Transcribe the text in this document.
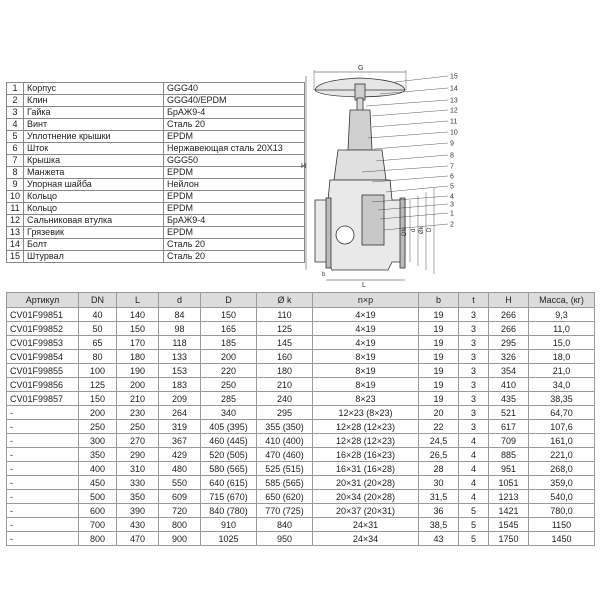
1	Корпус	GGG40
2	Клин	GGG40/EPDM
3	Гайка	БрАЖ9-4
4	Винт	Сталь 20
5	Уплотнение крышки	EPDM
6	Шток	Нержавеющая сталь 20Х13
7	Крышка	GGG50
8	Манжета	EPDM
9	Упорная шайба	Нейлон
10	Кольцо	EPDM
11	Кольцо	EPDM
12	Сальниковая втулка	БрАЖ9-4
13	Грязевик	EPDM
14	Болт	Сталь 20
15	Штурвал	Сталь 20
G
H
DN d Øk D
L
b
15
14
13
12
11
10
9
8
7
6
5
4
3
1
2
Артикул	DN	L	d	D	Ø k	n×p	b	t	H	Масса, (кг)
CV01F99851	40	140	84	150	110	4×19	19	3	266	9,3
CV01F99852	50	150	98	165	125	4×19	19	3	266	11,0
CV01F99853	65	170	118	185	145	4×19	19	3	295	15,0
CV01F99854	80	180	133	200	160	8×19	19	3	326	18,0
CV01F99855	100	190	153	220	180	8×19	19	3	354	21,0
CV01F99856	125	200	183	250	210	8×19	19	3	410	34,0
CV01F99857	150	210	209	285	240	8×23	19	3	435	38,35
-	200	230	264	340	295	12×23 (8×23)	20	3	521	64,70
-	250	250	319	405 (395)	355 (350)	12×28 (12×23)	22	3	617	107,6
-	300	270	367	460 (445)	410 (400)	12×28 (12×23)	24,5	4	709	161,0
-	350	290	429	520 (505)	470 (460)	16×28 (16×23)	26,5	4	885	221,0
-	400	310	480	580 (565)	525 (515)	16×31 (16×28)	28	4	951	268,0
-	450	330	550	640 (615)	585 (565)	20×31 (20×28)	30	4	1051	359,0
-	500	350	609	715 (670)	650 (620)	20×34 (20×28)	31,5	4	1213	540,0
-	600	390	720	840 (780)	770 (725)	20×37 (20×31)	36	5	1421	780,0
-	700	430	800	910	840	24×31	38,5	5	1545	1150
-	800	470	900	1025	950	24×34	43	5	1750	1450
